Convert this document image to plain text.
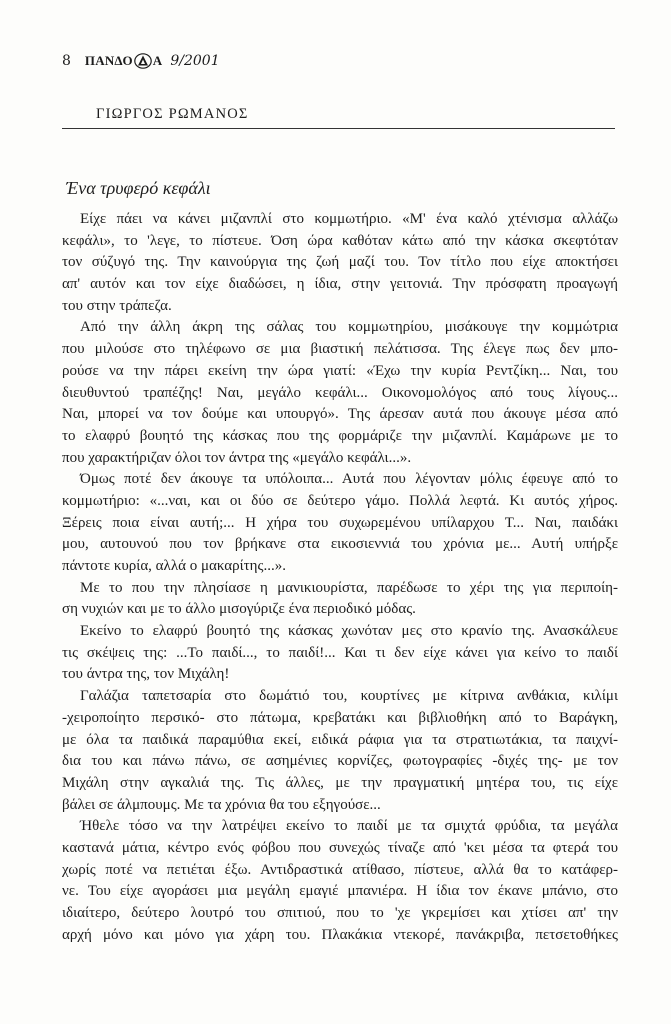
8 ΠΑΝΔΟ Α 9/2001
ΓΙΩΡΓΟΣ ΡΩΜΑΝΟΣ
Ένα τρυφερό κεφάλι
Είχε πάει να κάνει μιζανπλί στο κομμωτήριο. «Μ' ένα καλό χτένισμα αλλάζω
κεφάλι», το 'λεγε, το πίστευε. Όση ώρα καθόταν κάτω από την κάσκα σκεφτόταν
τον σύζυγό της. Την καινούργια της ζωή μαζί του. Τον τίτλο που είχε αποκτήσει
απ' αυτόν και τον είχε διαδώσει, η ίδια, στην γειτονιά. Την πρόσφατη προαγωγή
του στην τράπεζα.
Από την άλλη άκρη της σάλας του κομμωτηρίου, μισάκουγε την κομμώτρια
που μιλούσε στο τηλέφωνο σε μια βιαστική πελάτισσα. Της έλεγε πως δεν μπο-
ρούσε να την πάρει εκείνη την ώρα γιατί: «Έχω την κυρία Ρεντζίκη... Ναι, του
διευθυντού τραπέζης! Ναι, μεγάλο κεφάλι... Οικονομολόγος από τους λίγους...
Ναι, μπορεί να τον δούμε και υπουργό». Της άρεσαν αυτά που άκουγε μέσα από
το ελαφρύ βουητό της κάσκας που της φορμάριζε την μιζανπλί. Καμάρωνε με το
που χαρακτήριζαν όλοι τον άντρα της «μεγάλο κεφάλι...».
Όμως ποτέ δεν άκουγε τα υπόλοιπα... Αυτά που λέγονταν μόλις έφευγε από το
κομμωτήριο: «...ναι, και οι δύο σε δεύτερο γάμο. Πολλά λεφτά. Κι αυτός χήρος.
Ξέρεις ποια είναι αυτή;... Η χήρα του συχωρεμένου υπίλαρχου Τ... Ναι, παιδάκι
μου, αυτουνού που τον βρήκανε στα εικοσιεννιά του χρόνια με... Αυτή υπήρξε
πάντοτε κυρία, αλλά ο μακαρίτης...».
Με το που την πλησίασε η μανικιουρίστα, παρέδωσε το χέρι της για περιποίη-
ση νυχιών και με το άλλο μισογύριζε ένα περιοδικό μόδας.
Εκείνο το ελαφρύ βουητό της κάσκας χωνόταν μες στο κρανίο της. Ανασκάλευε
τις σκέψεις της: ...Το παιδί..., το παιδί!... Και τι δεν είχε κάνει για κείνο το παιδί
του άντρα της, τον Μιχάλη!
Γαλάζια ταπετσαρία στο δωμάτιό του, κουρτίνες με κίτρινα ανθάκια, κιλίμι
-χειροποίητο περσικό- στο πάτωμα, κρεβατάκι και βιβλιοθήκη από το Βαράγκη,
με όλα τα παιδικά παραμύθια εκεί, ειδικά ράφια για τα στρατιωτάκια, τα παιχνί-
δια του και πάνω πάνω, σε ασημένιες κορνίζες, φωτογραφίες -διχές της- με τον
Μιχάλη στην αγκαλιά της. Τις άλλες, με την πραγματική μητέρα του, τις είχε
βάλει σε άλμπουμς. Με τα χρόνια θα του εξηγούσε...
Ήθελε τόσο να την λατρέψει εκείνο το παιδί με τα σμιχτά φρύδια, τα μεγάλα
καστανά μάτια, κέντρο ενός φόβου που συνεχώς τίναζε από 'κει μέσα τα φτερά του
χωρίς ποτέ να πετιέται έξω. Αντιδραστικά ατίθασο, πίστευε, αλλά θα το κατάφερ-
νε. Του είχε αγοράσει μια μεγάλη εμαγιέ μπανιέρα. Η ίδια τον έκανε μπάνιο, στο
ιδιαίτερο, δεύτερο λουτρό του σπιτιού, που το 'χε γκρεμίσει και χτίσει απ' την
αρχή μόνο και μόνο για χάρη του. Πλακάκια ντεκορέ, πανάκριβα, πετσετοθήκες
